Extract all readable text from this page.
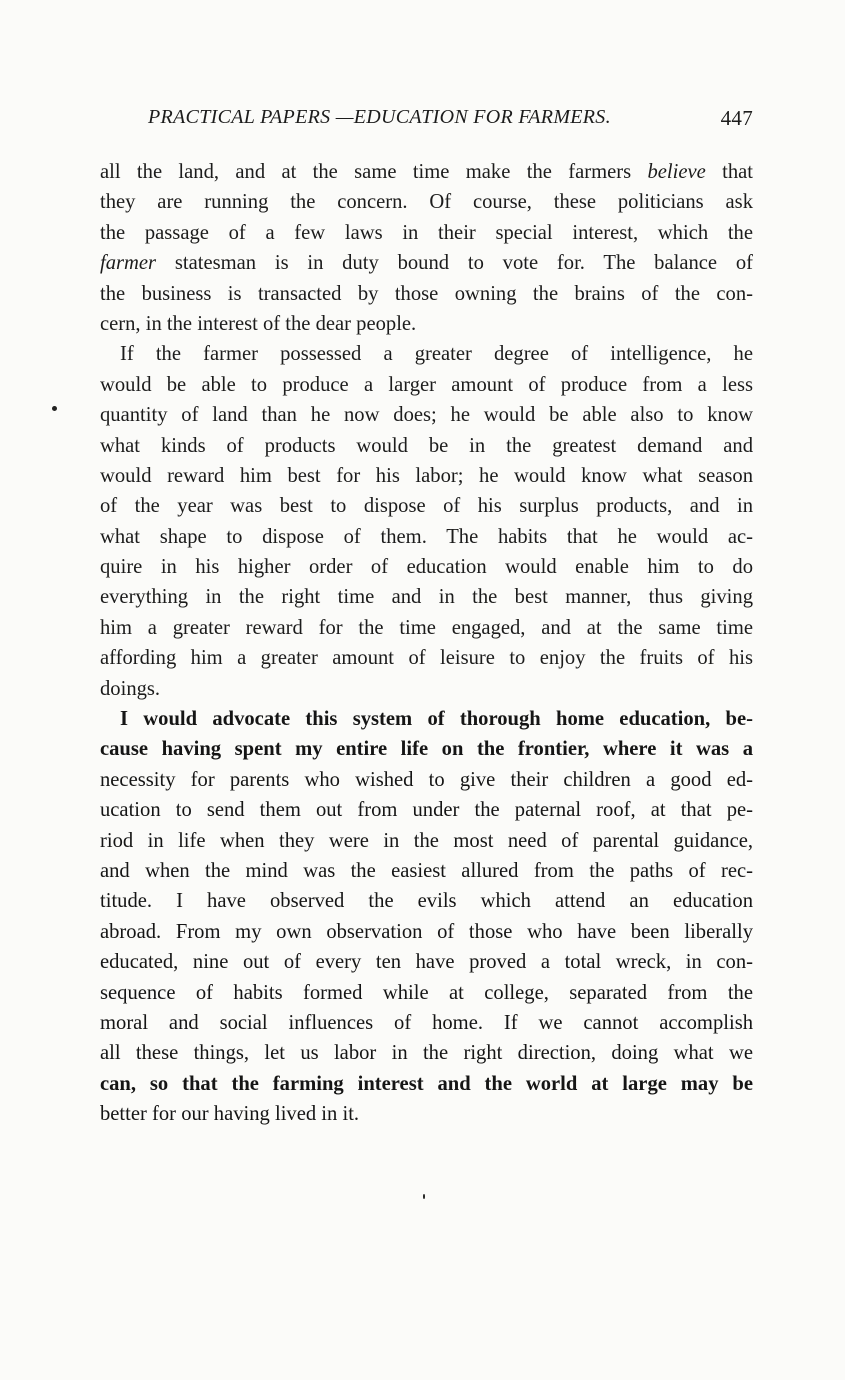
PRACTICAL PAPERS —EDUCATION FOR FARMERS.	447
all the land, and at the same time make the farmers believe that
they are running the concern. Of course, these politicians ask
the passage of a few laws in their special interest, which the
farmer statesman is in duty bound to vote for. The balance of
the business is transacted by those owning the brains of the con-
cern, in the interest of the dear people.
If the farmer possessed a greater degree of intelligence, he
would be able to produce a larger amount of produce from a less
quantity of land than he now does; he would be able also to know
what kinds of products would be in the greatest demand and
would reward him best for his labor; he would know what season
of the year was best to dispose of his surplus products, and in
what shape to dispose of them. The habits that he would ac-
quire in his higher order of education would enable him to do
everything in the right time and in the best manner, thus giving
him a greater reward for the time engaged, and at the same time
affording him a greater amount of leisure to enjoy the fruits of his
doings.
I would advocate this system of thorough home education, be-
cause having spent my entire life on the frontier, where it was a
necessity for parents who wished to give their children a good ed-
ucation to send them out from under the paternal roof, at that pe-
riod in life when they were in the most need of parental guidance,
and when the mind was the easiest allured from the paths of rec-
titude. I have observed the evils which attend an education
abroad. From my own observation of those who have been liberally
educated, nine out of every ten have proved a total wreck, in con-
sequence of habits formed while at college, separated from the
moral and social influences of home. If we cannot accomplish
all these things, let us labor in the right direction, doing what we
can, so that the farming interest and the world at large may be
better for our having lived in it.
